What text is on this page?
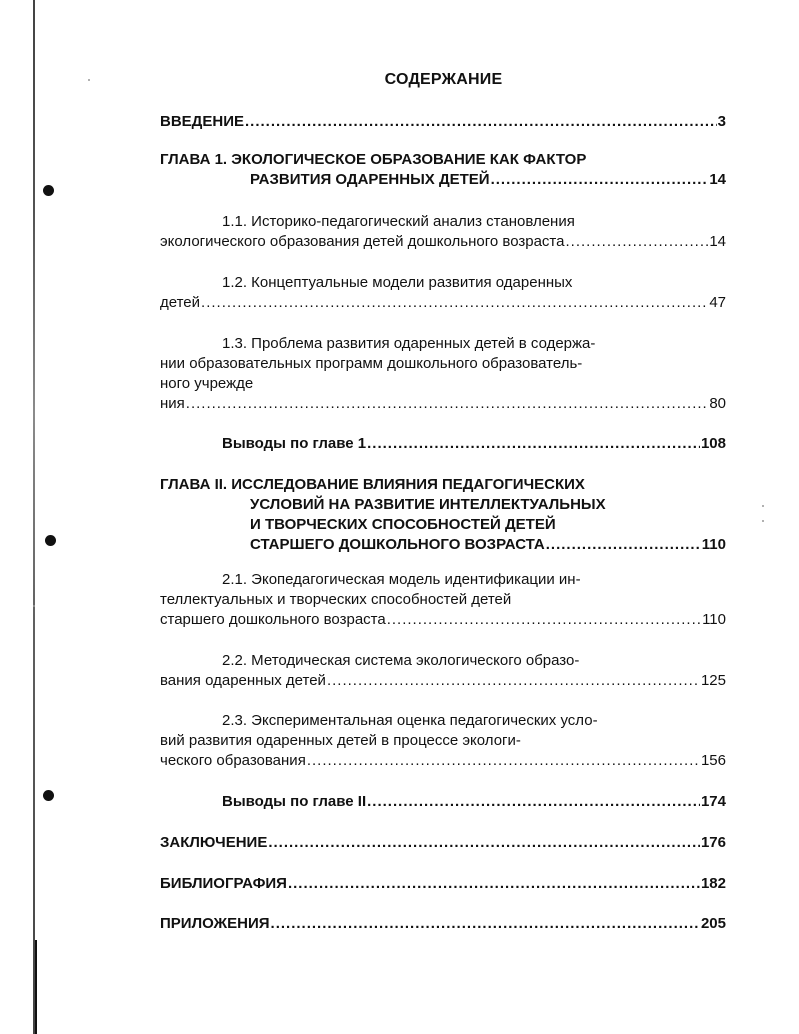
СОДЕРЖАНИЕ
ВВЕДЕНИЕ .....	3
ГЛАВА 1. ЭКОЛОГИЧЕСКОЕ ОБРАЗОВАНИЕ КАК ФАКТОР
РАЗВИТИЯ ОДАРЕННЫХ ДЕТЕЙ .....	14
1.1. Историко-педагогический анализ становления
экологического образования детей дошкольного возраста .....	14
1.2. Концептуальные модели развития одаренных
детей .....	47
1.3. Проблема развития одаренных детей в содержа-
нии образовательных программ дошкольного образователь-
ного учрежде
ния .....	80
Выводы по главе 1 .....	108
ГЛАВА II. ИССЛЕДОВАНИЕ ВЛИЯНИЯ ПЕДАГОГИЧЕСКИХ
УСЛОВИЙ НА РАЗВИТИЕ ИНТЕЛЛЕКТУАЛЬНЫХ
И ТВОРЧЕСКИХ СПОСОБНОСТЕЙ ДЕТЕЙ
СТАРШЕГО ДОШКОЛЬНОГО ВОЗРАСТА .....	110
2.1. Экопедагогическая модель идентификации ин-
теллектуальных и творческих способностей детей
старшего дошкольного возраста .....	110
2.2. Методическая система экологического образо-
вания одаренных детей .....	125
2.3. Экспериментальная оценка педагогических усло-
вий развития одаренных детей в процессе экологи-
ческого образования .....	156
Выводы по главе II .....	174
ЗАКЛЮЧЕНИЕ .....	176
БИБЛИОГРАФИЯ .....	182
ПРИЛОЖЕНИЯ .....	205
